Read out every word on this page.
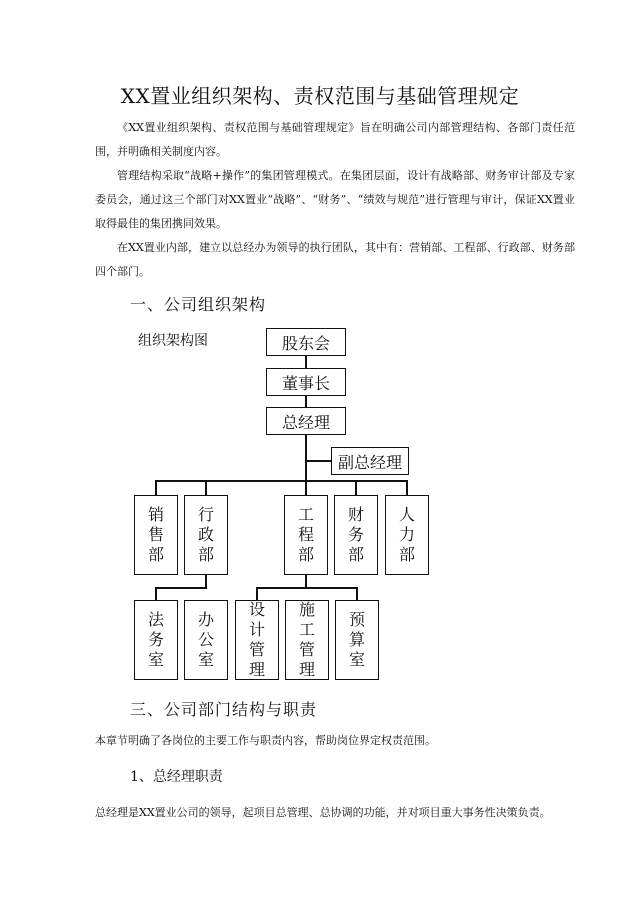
XX置业组织架构、责权范围与基础管理规定
《XX置业组织架构、责权范围与基础管理规定》旨在明确公司内部管理结构、各部门责任范围，并明确相关制度内容。
管理结构采取“战略+操作”的集团管理模式。在集团层面，设计有战略部、财务审计部及专家委员会，通过这三个部门对XX置业“战略”、“财务”、“绩效与规范”进行管理与审计，保证XX置业取得最佳的集团携同效果。
在XX置业内部，建立以总经办为领导的执行团队，其中有：营销部、工程部、行政部、财务部四个部门。
一、公司组织架构
组织架构图	股东会
董事长
总经理
副总经理
销
售
部
行
政
部
工
程
部
财
务
部
人
力
部
法
务
室
办
公
室
设
计
管
理
施
工
管
理
预
算
室
三、公司部门结构与职责
本章节明确了各岗位的主要工作与职责内容，帮助岗位界定权责范围。
1、总经理职责
总经理是XX置业公司的领导，起项目总管理、总协调的功能，并对项目重大事务性决策负责。
